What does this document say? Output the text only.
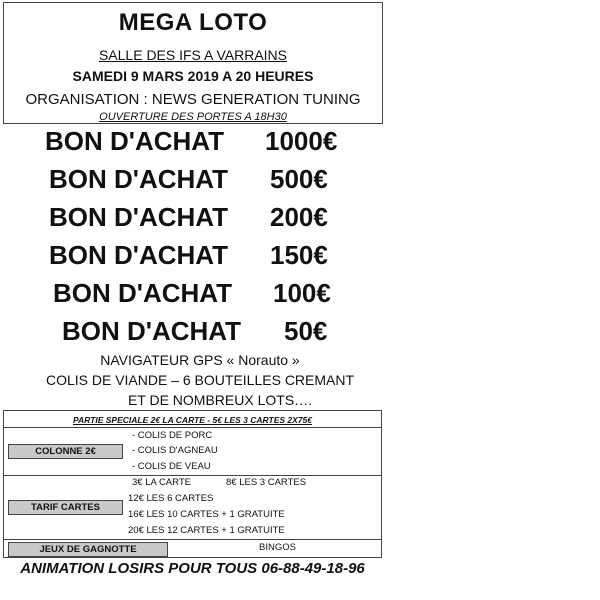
MEGA LOTO
SALLE DES IFS A VARRAINS
SAMEDI 9 MARS 2019 A 20 HEURES
ORGANISATION : NEWS GENERATION TUNING
OUVERTURE DES PORTES A 18H30
BON D'ACHAT 1000€
BON D'ACHAT 500€
BON D'ACHAT 200€
BON D'ACHAT 150€
BON D'ACHAT 100€
BON D'ACHAT 50€
NAVIGATEUR GPS « Norauto »
COLIS DE VIANDE – 6 BOUTEILLES CREMANT
ET DE NOMBREUX LOTS….
PARTIE SPECIALE 2€ LA CARTE - 5€ LES 3 CARTES 2X75€
COLONNE 2€
- COLIS DE PORC
- COLIS D'AGNEAU
- COLIS DE VEAU
TARIF CARTES
3€ LA CARTE	8€ LES 3 CARTES
12€ LES 6 CARTES
16€ LES 10 CARTES + 1 GRATUITE
20€ LES 12 CARTES + 1 GRATUITE
JEUX DE GAGNOTTE	BINGOS
ANIMATION LOSIRS POUR TOUS 06-88-49-18-96
